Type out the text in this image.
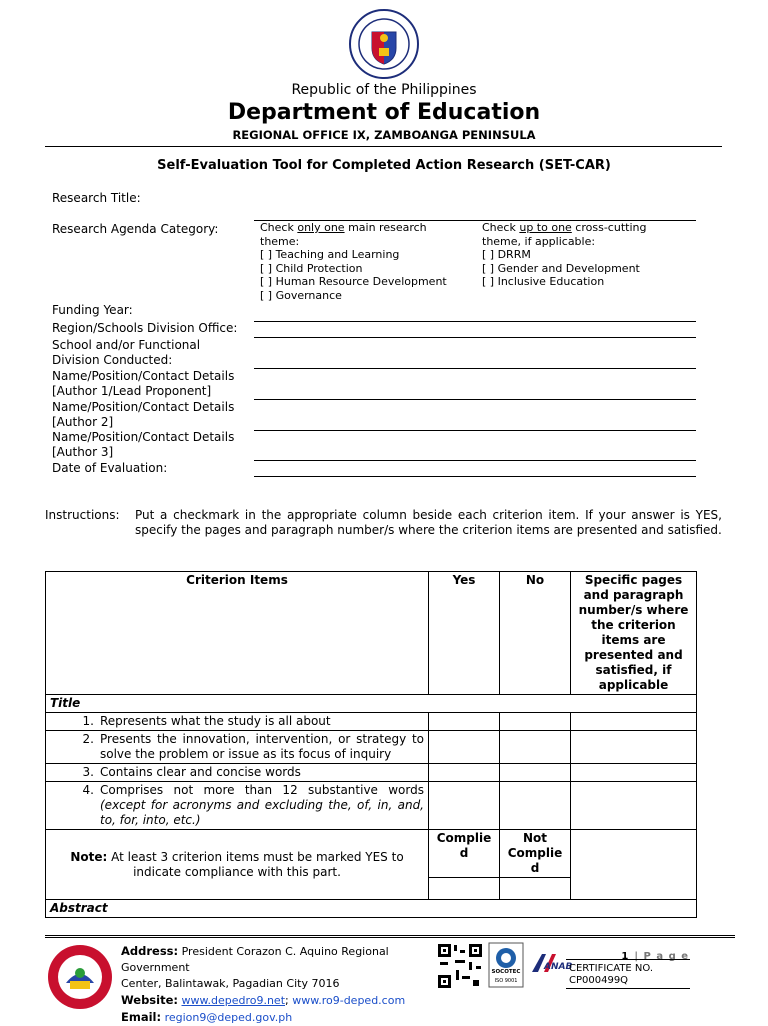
Republic of the Philippines
Department of Education
REGIONAL OFFICE IX, ZAMBOANGA PENINSULA
Self-Evaluation Tool for Completed Action Research (SET-CAR)
Research Title:
Research Agenda Category:	Check only one main research
theme:
[ ] Teaching and Learning
[ ] Child Protection
[ ] Human Resource Development
[ ] Governance
Check up to one cross-cutting
theme, if applicable:
[ ] DRRM
[ ] Gender and Development
[ ] Inclusive Education
Funding Year:
Region/Schools Division Office:
School and/or Functional
Division Conducted:
Name/Position/Contact Details
[Author 1/Lead Proponent]
Name/Position/Contact Details
[Author 2]
Name/Position/Contact Details
[Author 3]
Date of Evaluation:
Instructions: Put a checkmark in the appropriate column beside each criterion item. If your answer is YES, specify the pages and paragraph number/s where the criterion items are presented and satisfied.
Criterion Items	Yes	No	Specific pages and paragraph number/s where the criterion items are presented and satisfied, if applicable
Title			

1. Represents what the study is all about			

2. Presents the innovation, intervention, or strategy to solve the problem or issue as its focus of inquiry			

3. Contains clear and concise words			

4. Comprises not more than 12 substantive words (except for acronyms and excluding the, of, in, and, to, for, into, etc.)			

Note: At least 3 criterion items must be marked YES to indicate compliance with this part.	Complie d	Not Complie d	

Abstract			
Address: President Corazon C. Aquino Regional Government
Center, Balintawak, Pagadian City 7016
Website: www.depedro9.net; www.ro9-deped.com
Email: region9@deped.gov.ph
SOCOTEC
ISO 9001
ANAB
1 | P a g e
CERTIFICATE NO.
CP000499Q
